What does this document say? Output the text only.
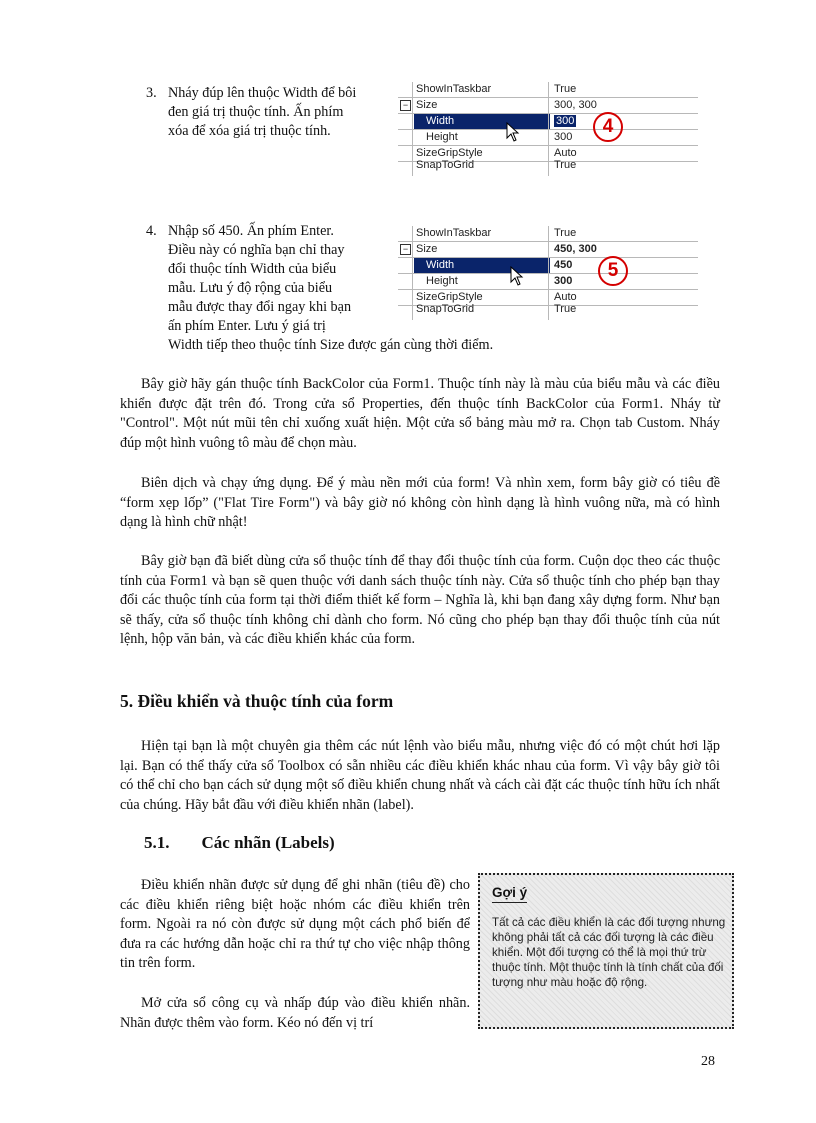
3. Nháy đúp lên thuộc Width để bôi
đen giá trị thuộc tính. Ấn phím
xóa để xóa giá trị thuộc tính.
ShowInTaskbar	True
− Size	300, 300
Width	300
Height	300
SizeGripStyle	Auto
SnapToGrid	True
4
4. Nhập số 450. Ấn phím Enter.
Điều này có nghĩa bạn chỉ thay
đổi thuộc tính Width của biểu
mẫu. Lưu ý độ rộng của biểu
mẫu được thay đổi ngay khi bạn
ấn phím Enter. Lưu ý giá trị
Width tiếp theo thuộc tính Size được gán cùng thời điểm.
ShowInTaskbar	True
− Size	450, 300
Width	450
Height	300
SizeGripStyle	Auto
SnapToGrid	True
5

Bây giờ hãy gán thuộc tính BackColor của Form1. Thuộc tính này là màu của biểu mẫu và các điều khiển được đặt trên đó. Trong cửa sổ Properties, đến thuộc tính BackColor của Form1. Nháy từ "Control". Một nút mũi tên chỉ xuống xuất hiện. Một cửa sổ bảng màu mở ra. Chọn tab Custom. Nháy đúp một hình vuông tô màu để chọn màu.

Biên dịch và chạy ứng dụng. Để ý màu nền mới của form! Và nhìn xem, form bây giờ có tiêu đề “form xẹp lốp” ("Flat Tire Form") và bây giờ nó không còn hình dạng là hình vuông nữa, mà có hình dạng là hình chữ nhật!

Bây giờ bạn đã biết dùng cửa sổ thuộc tính để thay đổi thuộc tính của form. Cuộn dọc theo các thuộc tính của Form1 và bạn sẽ quen thuộc với danh sách thuộc tính này. Cửa sổ thuộc tính cho phép bạn thay đổi các thuộc tính của form tại thời điểm thiết kế form – Nghĩa là, khi bạn đang xây dựng form. Như bạn sẽ thấy, cửa sổ thuộc tính không chỉ dành cho form. Nó cũng cho phép bạn thay đổi thuộc tính của nút lệnh, hộp văn bản, và các điều khiển khác của form.

5. Điều khiển và thuộc tính của form

Hiện tại bạn là một chuyên gia thêm các nút lệnh vào biểu mẫu, nhưng việc đó có một chút hơi lặp lại. Bạn có thể thấy cửa sổ Toolbox có sẵn nhiều các điều khiển khác nhau của form. Vì vậy bây giờ tôi có thể chỉ cho bạn cách sử dụng một số điều khiển chung nhất và cách cài đặt các thuộc tính hữu ích nhất của chúng. Hãy bắt đầu với điều khiển nhãn (label).

5.1. Các nhãn (Labels)

Điều khiển nhãn được sử dụng để ghi nhãn (tiêu đề) cho các điều khiển riêng biệt hoặc nhóm các điều khiển trên form. Ngoài ra nó còn được sử dụng một cách phổ biến để đưa ra các hướng dẫn hoặc chỉ ra thứ tự cho việc nhập thông tin trên form.

Mở cửa sổ công cụ và nhấp đúp vào điều khiển nhãn. Nhãn được thêm vào form. Kéo nó đến vị trí

Gợi ý
Tất cả các điều khiển là các đối tượng nhưng không phải tất cả các đối tượng là các điều khiển. Một đối tượng có thể là mọi thứ trừ thuộc tính. Một thuộc tính là tính chất của đối tượng như màu hoặc độ rộng.
28
